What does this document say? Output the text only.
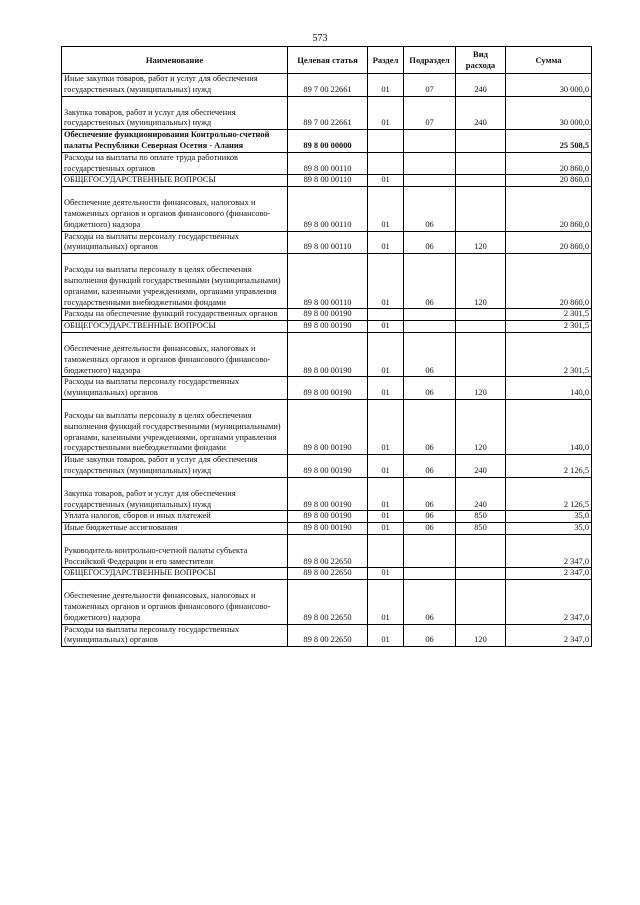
573
Наименование	Целевая статья	Раздел	Подраздел	Вид расхода	Сумма

Иные закупки товаров, работ и услуг для обеспечения государственных (муниципальных) нужд	89 7 00 22661	01	07	240	30 000,0

Закупка товаров, работ и услуг для обеспечения государственных (муниципальных) нужд	89 7 00 22661	01	07	240	30 000,0

Обеспечение функционирования Контрольно-счетной палаты Республики Северная Осетия - Алания	89 8 00 00000				25 508,5

Расходы на выплаты по оплате труда работников государственных органов	89 8 00 00110				20 860,0

ОБЩЕГОСУДАРСТВЕННЫЕ ВОПРОСЫ	89 8 00 00110	01			20 860,0

Обеспечение деятельности финансовых, налоговых и таможенных органов и органов финансового (финансово-бюджетного) надзора	89 8 00 00110	01	06		20 860,0

Расходы на выплаты персоналу государственных (муниципальных) органов	89 8 00 00110	01	06	120	20 860,0

Расходы на выплаты персоналу в целях обеспечения выполнения функций государственными (муниципальными) органами, казенными учреждениями, органами управления государственными внебюджетными фондами	89 8 00 00110	01	06	120	20 860,0

Расходы на обеспечение функций государственных органов	89 8 00 00190				2 301,5

ОБЩЕГОСУДАРСТВЕННЫЕ ВОПРОСЫ	89 8 00 00190	01			2 301,5

Обеспечение деятельности финансовых, налоговых и таможенных органов и органов финансового (финансово-бюджетного) надзора	89 8 00 00190	01	06		2 301,5

Расходы на выплаты персоналу государственных (муниципальных) органов	89 8 00 00190	01	06	120	140,0

Расходы на выплаты персоналу в целях обеспечения выполнения функций государственными (муниципальными) органами, казенными учреждениями, органами управления государственными внебюджетными фондами	89 8 00 00190	01	06	120	140,0

Иные закупки товаров, работ и услуг для обеспечения государственных (муниципальных) нужд	89 8 00 00190	01	06	240	2 126,5

Закупка товаров, работ и услуг для обеспечения государственных (муниципальных) нужд	89 8 00 00190	01	06	240	2 126,5

Уплата налогов, сборов и иных платежей	89 8 00 00190	01	06	850	35,0

Иные бюджетные ассигнования	89 8 00 00190	01	06	850	35,0

Руководитель контрольно-счетной палаты субъекта Российской Федерации и его заместители	89 8 00 22650				2 347,0

ОБЩЕГОСУДАРСТВЕННЫЕ ВОПРОСЫ	89 8 00 22650	01			2 347,0

Обеспечение деятельности финансовых, налоговых и таможенных органов и органов финансового (финансово-бюджетного) надзора	89 8 00 22650	01	06		2 347,0

Расходы на выплаты персоналу государственных (муниципальных) органов	89 8 00 22650	01	06	120	2 347,0
